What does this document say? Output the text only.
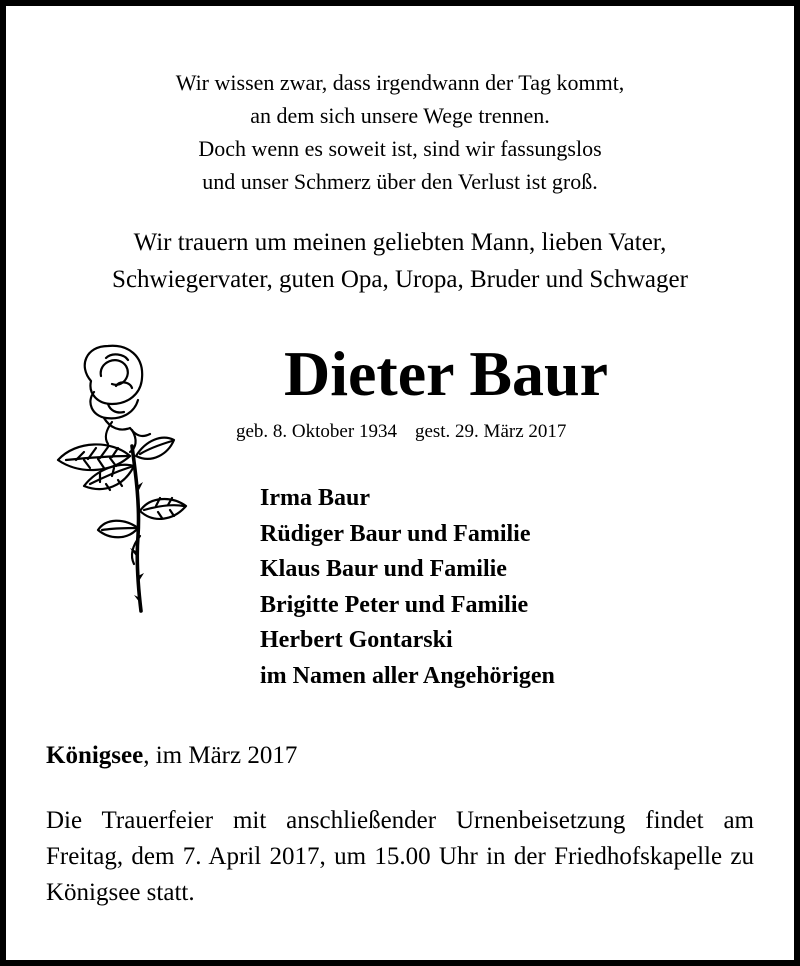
Wir wissen zwar, dass irgendwann der Tag kommt,
an dem sich unsere Wege trennen.
Doch wenn es soweit ist, sind wir fassungslos
und unser Schmerz über den Verlust ist groß.
Wir trauern um meinen geliebten Mann, lieben Vater,
Schwiegervater, guten Opa, Uropa, Bruder und Schwager
Dieter Baur
geb. 8. Oktober 1934 gest. 29. März 2017
Irma Baur
Rüdiger Baur und Familie
Klaus Baur und Familie
Brigitte Peter und Familie
Herbert Gontarski
im Namen aller Angehörigen
Königsee, im März 2017
Die Trauerfeier mit anschließender Urnenbeisetzung findet am Freitag, dem 7. April 2017, um 15.00 Uhr in der Friedhofskapelle zu Königsee statt.
